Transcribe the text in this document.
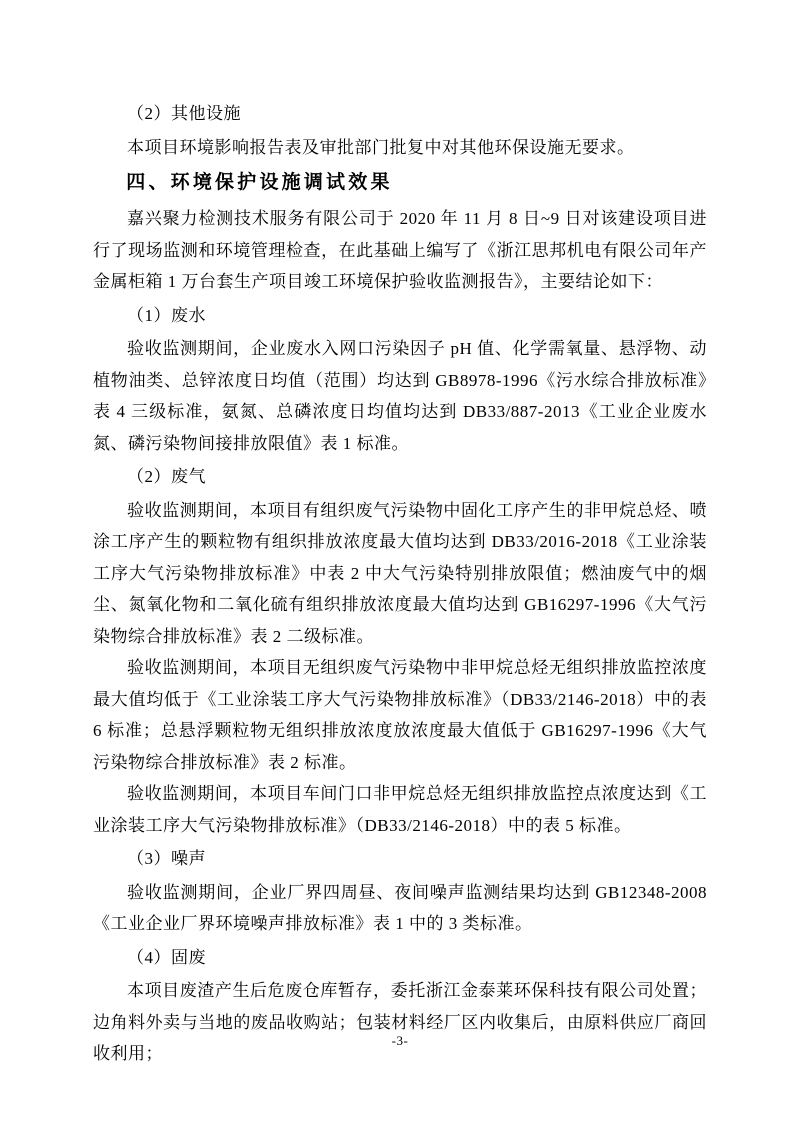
（2）其他设施

本项目环境影响报告表及审批部门批复中对其他环保设施无要求。

四、环境保护设施调试效果

嘉兴聚力检测技术服务有限公司于 2020 年 11 月 8 日~9 日对该建设项目进行了现场监测和环境管理检查，在此基础上编写了《浙江思邦机电有限公司年产金属柜箱 1 万台套生产项目竣工环境保护验收监测报告》，主要结论如下：

（1）废水

验收监测期间，企业废水入网口污染因子 pH 值、化学需氧量、悬浮物、动植物油类、总锌浓度日均值（范围）均达到 GB8978-1996《污水综合排放标准》表 4 三级标准，氨氮、总磷浓度日均值均达到 DB33/887-2013《工业企业废水氮、磷污染物间接排放限值》表 1 标准。

（2）废气

验收监测期间，本项目有组织废气污染物中固化工序产生的非甲烷总烃、喷涂工序产生的颗粒物有组织排放浓度最大值均达到 DB33/2016-2018《工业涂装工序大气污染物排放标准》中表 2 中大气污染特别排放限值；燃油废气中的烟尘、氮氧化物和二氧化硫有组织排放浓度最大值均达到 GB16297-1996《大气污染物综合排放标准》表 2 二级标准。

验收监测期间，本项目无组织废气污染物中非甲烷总烃无组织排放监控浓度最大值均低于《工业涂装工序大气污染物排放标准》（DB33/2146-2018）中的表 6 标准；总悬浮颗粒物无组织排放浓度放浓度最大值低于 GB16297-1996《大气污染物综合排放标准》表 2 标准。

验收监测期间，本项目车间门口非甲烷总烃无组织排放监控点浓度达到《工业涂装工序大气污染物排放标准》（DB33/2146-2018）中的表 5 标准。

（3）噪声

验收监测期间，企业厂界四周昼、夜间噪声监测结果均达到 GB12348-2008《工业企业厂界环境噪声排放标准》表 1 中的 3 类标准。

（4）固废

本项目废渣产生后危废仓库暂存，委托浙江金泰莱环保科技有限公司处置；边角料外卖与当地的废品收购站；包装材料经厂区内收集后，由原料供应厂商回收利用；

-3-
